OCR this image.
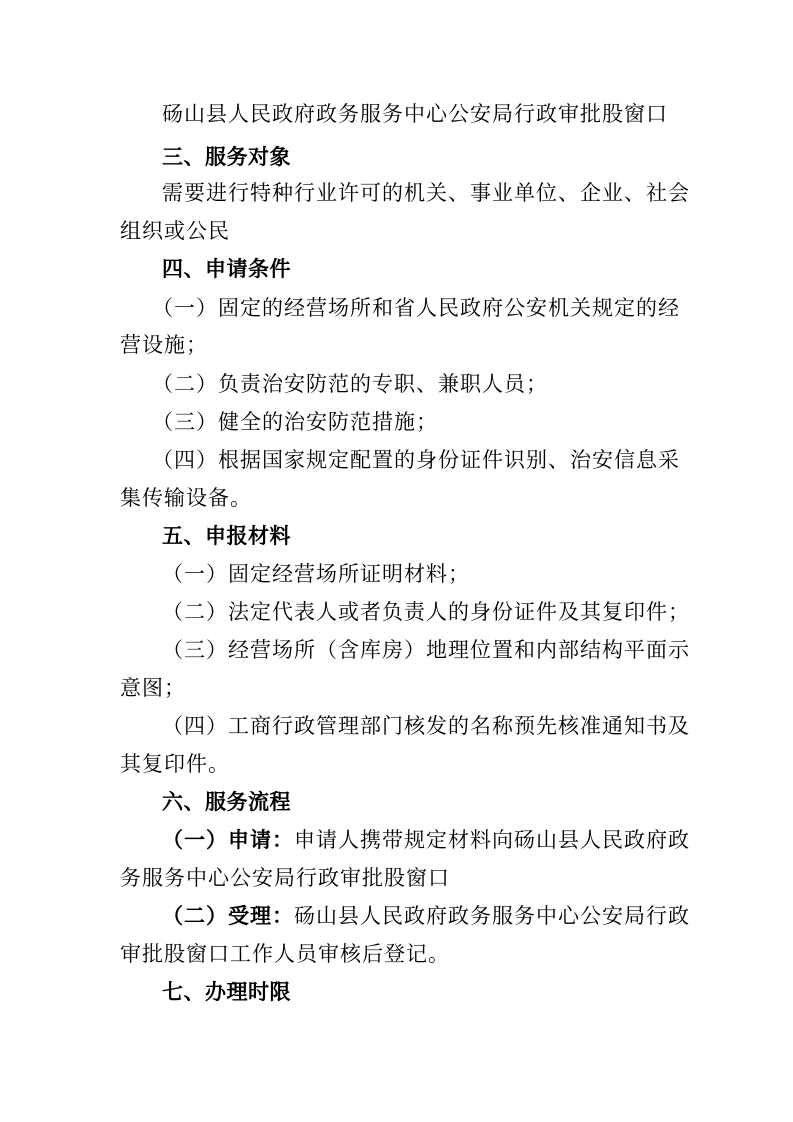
砀山县人民政府政务服务中心公安局行政审批股窗口

三、服务对象

需要进行特种行业许可的机关、事业单位、企业、社会

组织或公民

四、申请条件

（一）固定的经营场所和省人民政府公安机关规定的经

营设施；

（二）负责治安防范的专职、兼职人员；

（三）健全的治安防范措施；

（四）根据国家规定配置的身份证件识别、治安信息采

集传输设备。

五、申报材料

（一）固定经营场所证明材料；

（二）法定代表人或者负责人的身份证件及其复印件；

（三）经营场所（含库房）地理位置和内部结构平面示

意图；

（四）工商行政管理部门核发的名称预先核准通知书及

其复印件。

六、服务流程

（一）申请：申请人携带规定材料向砀山县人民政府政

务服务中心公安局行政审批股窗口

（二）受理：砀山县人民政府政务服务中心公安局行政

审批股窗口工作人员审核后登记。

七、办理时限
